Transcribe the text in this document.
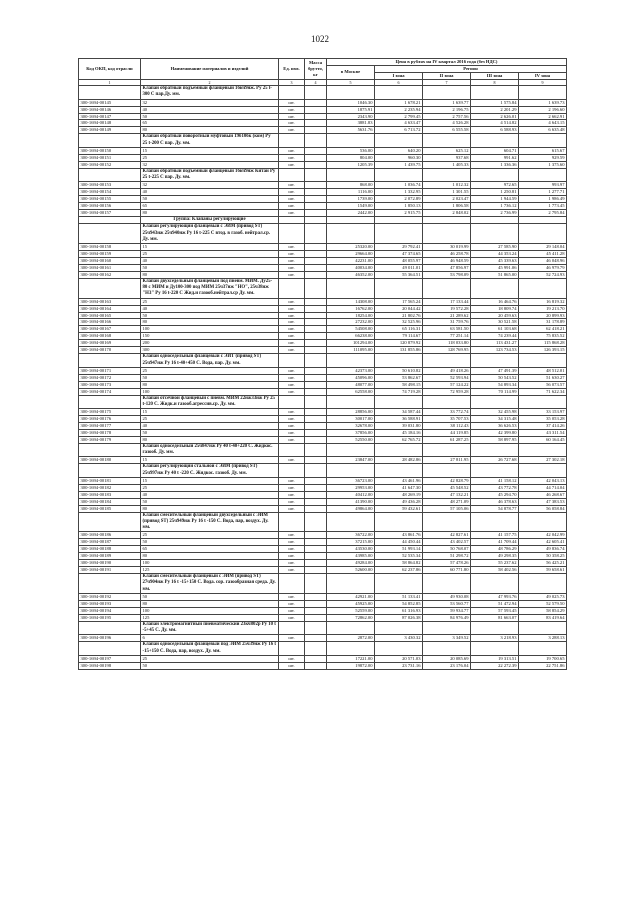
1022
Код ОКП, код отрасли	Наименование материалов и изделий	Ед. изм.	Масса брутто, кг	Цена в рублях на IV квартал 2016 года (без НДС)				
				в Москве	Регион			
					I зона	II зона	III зона	IV зона
1	2	3	4	5	6	7	8	9
	Клапан обратный подъемный фланцевый 16кч9нж. Ру 25 t-300 С пар.Ду. мм.							
300-1694-00145	32	шт.		1046.30	1 678.21	1 639.77	1 575.84	1 639.73
300-1694-00146	40	шт.		1875.91	2 235.94	2 196.75	2 201.29	2 196.60
300-1694-00147	50	шт.		2343.90	2 799.45	2 757.56	2 626.01	2 662.91
300-1694-00148	65	шт.		3881.83	4 633.47	4 526.28	4 514.82	4 643.15
300-1694-00149	80	шт.		5631.76	6 713.72	6 555.58	6 588.93	6 635.48
	Клапан обратный поворотный муфтовый 19б10бк (ком) Ру 25 t-200 С пар. Ду. мм.							
300-1694-00150	15	шт.		536.00	640.20	625.12	604.71	615.67
300-1694-00151	25	шт.		804.00	960.30	937.68	991.62	929.59
300-1694-00152	32	шт.		1205.39	1 439.75	1 405.33	1 336.36	1 375.60
	Клапан обратный подъемный фланцевый 16кч9нж Китай Ру 25 t-225 С пар. Ду. мм.							
300-1694-00153	32	шт.		868.00	1 036.74	1 012.32	972.65	993.97
300-1694-00154	40	шт.		1116.00	1 332.95	1 301.55	1 250.81	1 277.71
300-1694-00155	50	шт.		1739.00	2 072.89	2 023.47	1 944.59	1 986.49
300-1694-00156	65	шт.		1549.00	1 850.13	1 806.58	1 736.12	1 773.45
300-1694-00157	80	шт.		2442.00	2 915.75	2 848.02	2 736.99	2 795.84
	Группа: Клапаны регулирующие							
	Клапан регулирующий фланцевый с ЭИМ (привод ST) 25ч943нж 25ч940нж Ру 16 t-225 С втод. в газоб. нейтрал.ср. Ду. мм.							
300-1694-00158	15	шт.		25320.00	29 792.41	30 019.99	27 585.90	29 148.04
300-1694-00159	25	шт.		29664.00	47 374.65	46 258.78	44 353.24	45 411.28
300-1694-00160	40	шт.		42231.00	48 055.97	46 948.59	45 339.63	46 048.96
300-1694-00161	50	шт.		40034.00	49 011.01	47 856.97	45 991.06	46 979.79
300-1694-00162	80	шт.		46352.00	55 364.51	53 798.09	51 865.00	52 724.93
	Клапан двухседельный фланцевый под пневм. МИМ. Ду25-80 с МИМ и Ду100-300 под МИМ 25ч37нж "НО", 25ч38нж "НЗ" Ру 16 t-220 С Жид.и газооб.нейтрал.ср Ду. мм.							
300-1694-00163	25	шт.		14308.00	17 565.24	17 133.44	16 464.76	16 819.32
300-1694-00164	40	шт.		16762.00	20 044.42	19 572.28	18 809.74	19 213.70
300-1694-00165	50	шт.		18254.00	21 802.76	21 289.62	20 459.63	20 899.93
300-1694-00166	80	шт.		27232.00	32 525.96	31 759.76	30 521.58	31 178.89
300-1694-00167	100	шт.		54508.00	65 116.31	63 581.50	61 103.68	62 418.21
300-1694-00168	150	шт.		66238.00	79 114.67	77 251.14	74 239.44	75 835.52
300-1694-00169	200	шт.		101294.00	120 879.92	118 033.80	113 431.27	115 868.28
300-1694-00170	300	шт.		111095.00	131 855.86	128 769.95	123 734.53	126 393.15
	Клапан односедельный фланцевый с ЭИТ (привод ST) 25ч947нж Ру 16 t-40+450 С. Вода, пар. Ду. мм.							
300-1694-00171	25	шт.		42373.00	50 610.82	49 418.26	47 491.39	48 512.01
300-1694-00172	50	шт.		45096.00	53 862.67	52 593.94	50 543.52	51 630.27
300-1694-00173	80	шт.		48077.00	58 498.15	57 124.22	54 893.34	56 073.57
300-1694-00174	100	шт.		62558.00	74 719.28	72 959.28	70 114.99	71 622.34
	Клапан отсечной фланцевый с пневм. МИМ 22нж33нж Ру 25 t-120 С. Жидк.и газооб.агрессив.ср. Ду. мм.							
300-1694-00175	15	шт.		28856.00	34 587.44	33 772.74	32 455.98	33 153.97
300-1694-00176	25	шт.		30017.00	36 588.91	35 707.53	34 315.48	35 053.28
300-1694-00177	40	шт.		32678.00	39 031.80	38 112.43	36 626.53	37 414.26
300-1694-00178	50	шт.		37856.00	45 184.16	44 119.85	42 399.80	43 311.54
300-1694-00179	80	шт.		52550.00	62 765.72	61 287.25	58 897.95	60 164.45
	Клапан односедельный 25ч847нж Ру 40 t-40+220 С. Жидкос. газооб. Ду. мм.							
300-1694-00180	15	шт.		23847.00	28 482.86	27 811.95	26 727.68	27 302.18
	Клапан регулирующий стальной с ЭИМ (привод ST) 25ч997нж Ру 40 t -220 С. Жидкос. газооб. Ду. мм.							
300-1694-00181	15	шт.		36723.00	43 461.96	42 828.79	41 158.12	42 043.13
300-1694-00182	25	шт.		29953.00	41 647.30	45 548.52	43 772.78	44 714.04
300-1694-00183	40	шт.		40412.00	48 269.19	47 132.21	45 294.70	46 268.67
300-1694-00184	50	шт.		41390.00	49 436.28	48 271.09	46 378.63	47 383.53
300-1694-00185	80	шт.		49864.00	59 432.61	57 105.06	54 878.77	56 058.84
	Клапан смесительный фланцевый двухседельный с ЭИМ (привод ST) 25ч949нж Ру 16 t -150 С. Вода, пар, воздух. Ду. мм.							
300-1694-00186	25	шт.		36722.00	43 861.76	42 827.61	41 157.75	42 042.99
300-1694-00187	50	шт.		37215.00	44 450.44	43 402.57	41 709.44	42 605.41
300-1694-00188	65	шт.		43530.00	51 993.14	50 768.07	48 786.29	49 836.74
300-1694-00189	80	шт.		43985.00	52 535.34	51 298.72	49 298.35	50 358.25
300-1694-00190	100	шт.		49284.00	58 864.82	57 478.26	55 237.62	56 425.21
300-1694-00191	125	шт.		52600.00	62 237.86	60 771.80	58 402.56	59 658.61
	Клапан смесительный фланцевый с ЭИМ (привод ST) 27ч904нж Ру 16 t -15+150 С. Вода. сор. газообразная среда. Ду. мм.							
300-1694-00192	50	шт.		42921.00	51 133.41	49 930.08	47 993.76	49 025.73
300-1694-00193	80	шт.		45925.00	54 852.85	53 560.77	51 472.94	52 579.50
300-1694-00194	100	шт.		52559.00	61 316.93	59 934.77	57 593.45	58 854.29
300-1694-00195	125	шт.		72862.00	87 026.38	84 976.49	81 663.07	83 419.64
	Клапан электромагнитный пневматический 23кч802р Ру 10 t -5+45 С. Ду. мм.							
300-1694-00196	6	шт.		2872.00	3 430.32	3 349.52	3 218.93	3 288.13
	Клапан односедельный фланцевый под ЭИМ 25ч39нж Ру 16 t -15+150 С. Вода, пар, воздух. Ду. мм.							
300-1694-00197	25	шт.		17221.00	20 571.03	20 085.69	19 313.51	19 700.65
300-1694-00198	50	шт.		19872.00	23 731.16	23 176.04	22 272.39	22 751.86
